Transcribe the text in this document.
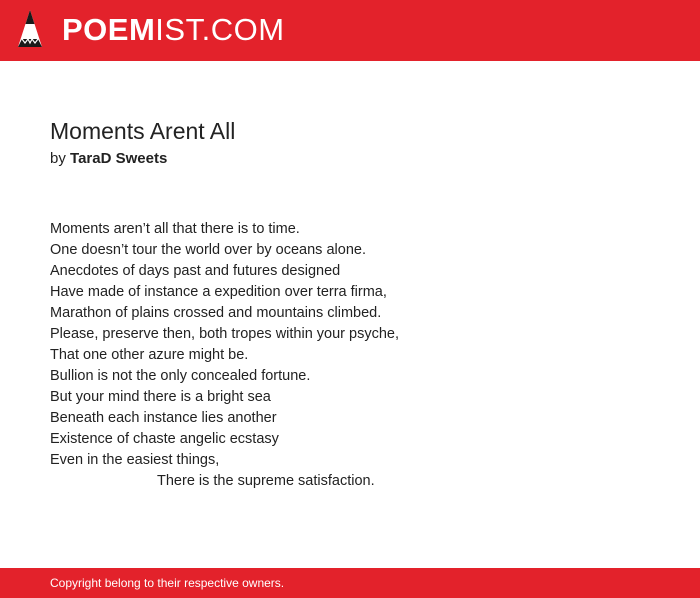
POEMIST.COM
Moments Arent All
by TaraD Sweets
Moments aren’t all that there is to time.
One doesn’t tour the world over by oceans alone.
Anecdotes of days past and futures designed
Have made of instance a expedition over terra firma,
Marathon of plains crossed and mountains climbed.
Please, preserve then, both tropes within your psyche,
That one other azure might be.
Bullion is not the only concealed fortune.
But your mind there is a bright sea
Beneath each instance lies another
Existence of chaste angelic ecstasy
Even in the easiest things,
There is the supreme satisfaction.
Copyright belong to their respective owners.
